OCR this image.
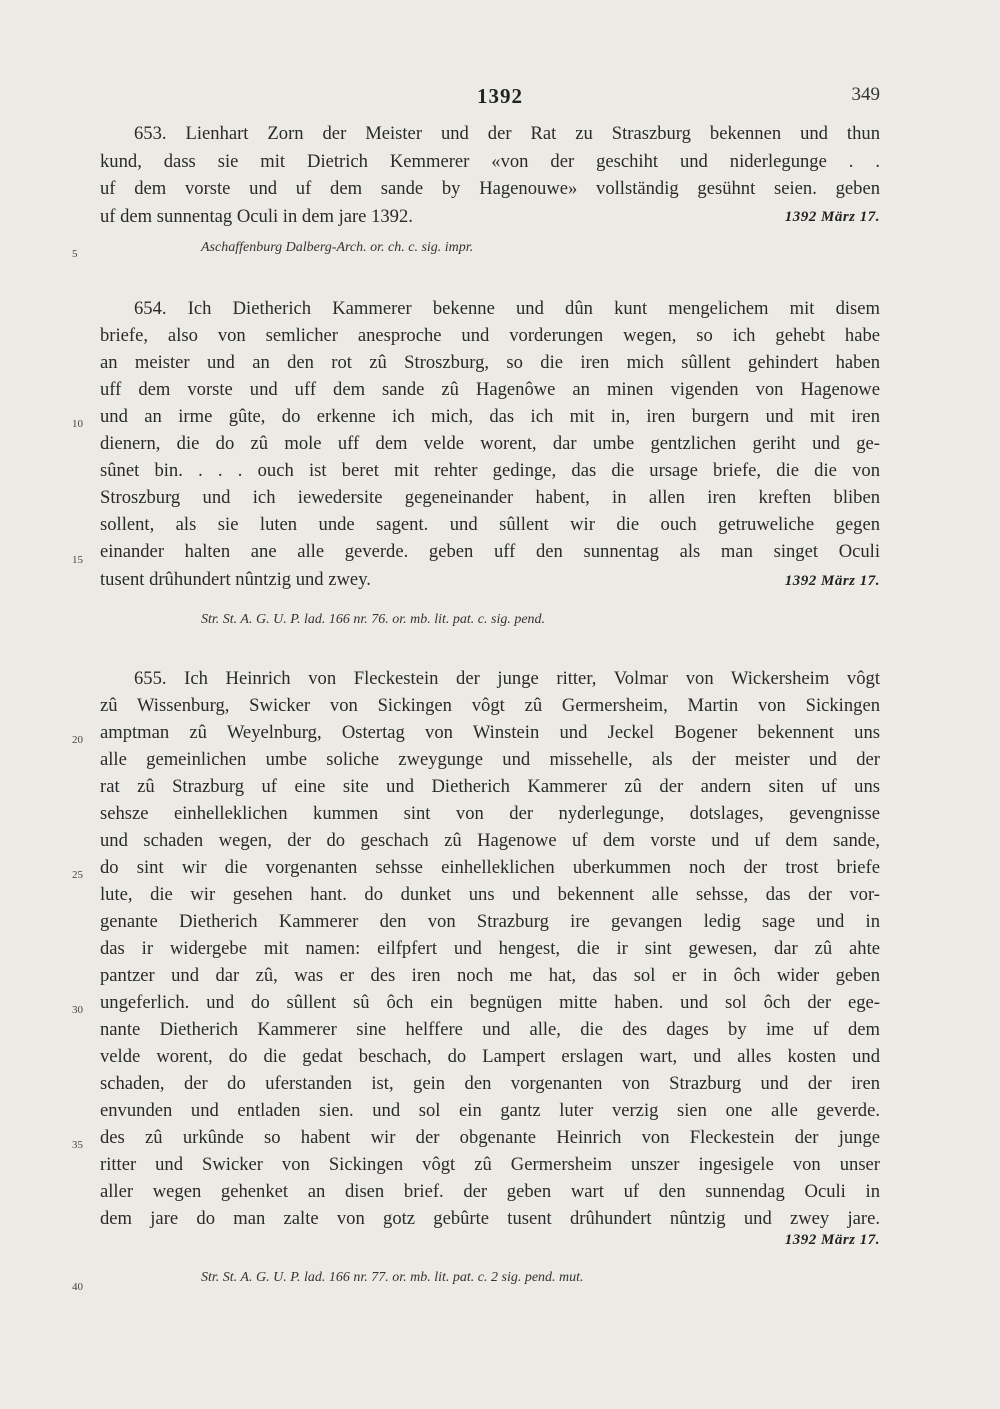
1392	349
653. Lienhart Zorn der Meister und der Rat zu Straszburg bekennen und thun
kund, dass sie mit Dietrich Kemmerer «von der geschiht und niderlegunge . .
uf dem vorste und uf dem sande by Hagenouwe» vollständig gesühnt seien. geben
uf dem sunnentag Oculi in dem jare 1392.	1392 März 17.
Aschaffenburg Dalberg-Arch. or. ch. c. sig. impr.
654. Ich Dietherich Kammerer bekenne und dûn kunt mengelichem mit disem
briefe, also von semlicher anesproche und vorderungen wegen, so ich gehebt habe
an meister und an den rot zû Stroszburg, so die iren mich sûllent gehindert haben
uff dem vorste und uff dem sande zû Hagenôwe an minen vigenden von Hagenowe
und an irme gûte, do erkenne ich mich, das ich mit in, iren burgern und mit iren
dienern, die do zû mole uff dem velde worent, dar umbe gentzlichen geriht und ge-
sûnet bin. . . . ouch ist beret mit rehter gedinge, das die ursage briefe, die die von
Stroszburg und ich iewedersite gegeneinander habent, in allen iren kreften bliben
sollent, als sie luten unde sagent. und sûllent wir die ouch getruweliche gegen
einander halten ane alle geverde. geben uff den sunnentag als man singet Oculi
tusent drûhundert nûntzig und zwey.	1392 März 17.
Str. St. A. G. U. P. lad. 166 nr. 76. or. mb. lit. pat. c. sig. pend.
655. Ich Heinrich von Fleckestein der junge ritter, Volmar von Wickersheim vôgt
zû Wissenburg, Swicker von Sickingen vôgt zû Germersheim, Martin von Sickingen
amptman zû Weyelnburg, Ostertag von Winstein und Jeckel Bogener bekennent uns
alle gemeinlichen umbe soliche zweygunge und missehelle, als der meister und der
rat zû Strazburg uf eine site und Dietherich Kammerer zû der andern siten uf uns
sehsze einhelleklichen kummen sint von der nyderlegunge, dotslages, gevengnisse
und schaden wegen, der do geschach zû Hagenowe uf dem vorste und uf dem sande,
do sint wir die vorgenanten sehsse einhelleklichen uberkummen noch der trost briefe
lute, die wir gesehen hant. do dunket uns und bekennent alle sehsse, das der vor-
genante Dietherich Kammerer den von Strazburg ire gevangen ledig sage und in
das ir widergebe mit namen: eilfpfert und hengest, die ir sint gewesen, dar zû ahte
pantzer und dar zû, was er des iren noch me hat, das sol er in ôch wider geben
ungeferlich. und do sûllent sû ôch ein begnügen mitte haben. und sol ôch der ege-
nante Dietherich Kammerer sine helffere und alle, die des dages by ime uf dem
velde worent, do die gedat beschach, do Lampert erslagen wart, und alles kosten und
schaden, der do uferstanden ist, gein den vorgenanten von Strazburg und der iren
envunden und entladen sien. und sol ein gantz luter verzig sien one alle geverde.
des zû urkûnde so habent wir der obgenante Heinrich von Fleckestein der junge
ritter und Swicker von Sickingen vôgt zû Germersheim unszer ingesigele von unser
aller wegen gehenket an disen brief. der geben wart uf den sunnendag Oculi in
dem jare do man zalte von gotz gebûrte tusent drûhundert nûntzig und zwey jare.
1392 März 17.
Str. St. A. G. U. P. lad. 166 nr. 77. or. mb. lit. pat. c. 2 sig. pend. mut.
5
10
15
20
25
30
35
40
